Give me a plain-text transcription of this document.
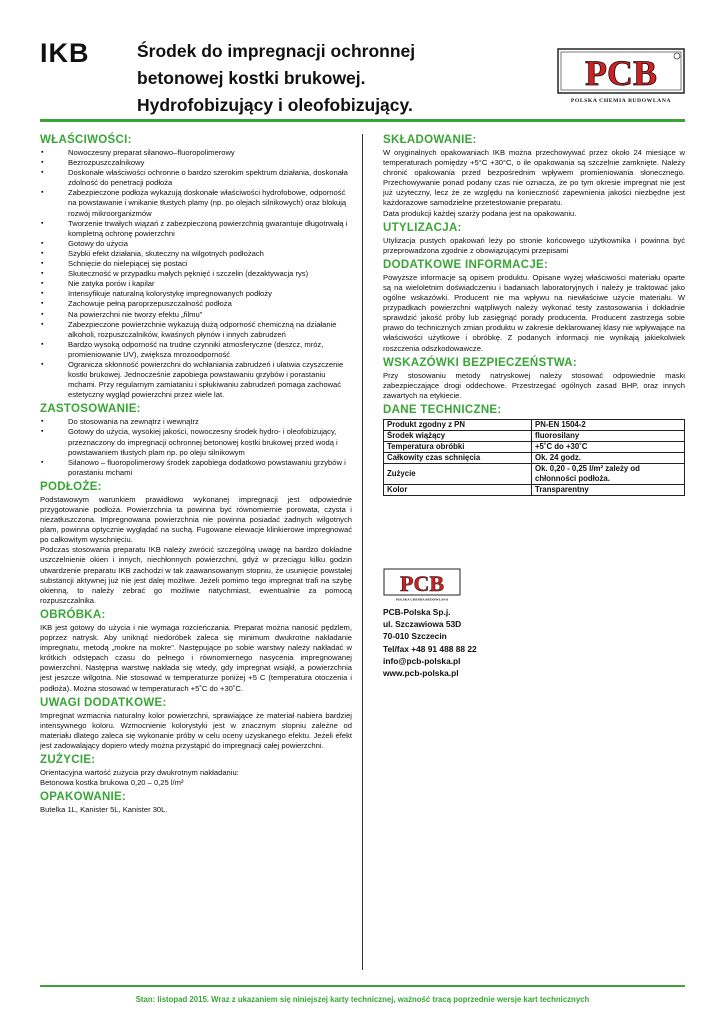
IKB	Środek do impregnacji ochronnej
betonowej kostki brukowej.
Hydrofobizujący i oleofobizujący.
PCB
POLSKA CHEMIA BUDOWLANA
WŁAŚCIWOŚCI:
▪ Nowoczesny preparat silanowo–fluoropolimerowy
▪ Bezrozpuszczalnikowy
▪ Doskonałe właściwości ochronne o bardzo szerokim spektrum działania, doskonała zdolność do penetracji podłoża
▪ Zabezpieczone podłoża wykazują doskonałe właściwości hydrofobowe, odporność na powstawanie i wnikanie tłustych plamy (np. po olejach silnikowych) oraz blokują rozwój mikroorganizmów
▪ Tworzenie trwałych wiązań z zabezpieczoną powierzchnią gwarantuje długotrwałą i kompletną ochronę powierzchni
▪ Gotowy do użycia
▪ Szybki efekt działania, skuteczny na wilgotnych podłożach
▪ Schnięcie do nielepiącej się postaci
▪ Skuteczność w przypadku małych pęknięć i szczelin (dezaktywacja rys)
▪ Nie zatyka porów i kapilar
▪ Intensyfikuje naturalną kolorystykę impregnowanych podłoży
▪ Zachowuje pełną paroprzepuszczalność podłoża
▪ Na powierzchni nie tworzy efektu „filmu”
▪ Zabezpieczone powierzchnie wykazują dużą odporność chemiczną na działanie alkoholi, rozpuszczalników, kwaśnych płynów i innych zabrudzeń
▪ Bardzo wysoką odporność na trudne czynniki atmosferyczne (deszcz, mróz, promieniowanie UV), zwiększa mrozoodporność
▪ Ogranicza skłonność powierzchni do wchłaniania zabrudzeń i ułatwia czyszczenie kostki brukowej. Jednocześnie zapobiega powstawaniu grzybów i porastaniu mchami. Przy regularnym zamiataniu i spłukiwaniu zabrudzeń pomaga zachować estetyczny wygląd powierzchni przez wiele lat.
ZASTOSOWANIE:
▪ Do stosowania na zewnątrz i wewnątrz
▪ Gotowy do użycia, wysokiej jakości, nowoczesny środek hydro- i oleofobizujący, przeznaczony do impregnacji ochronnej betonowej kostki brukowej przed wodą i powstawaniem tłustych plam np. po oleju silnikowym
▪ Silanowo – fluoropolimerowy środek zapobiega dodatkowo powstawaniu grzybów i porastaniu mchami
PODŁOŻE:

Podstawowym warunkiem prawidłowo wykonanej impregnacji jest odpowiednie przygotowanie podłoża. Powierzchnia ta powinna być równomiernie porowata, czysta i niezatłuszczona. Impregnowana powierzchnia nie powinna posiadać żadnych wilgotnych plam, powinna optycznie wyglądać na suchą. Fugowane elewacje klinkierowe impregnować po całkowitym wyschnięciu.

Podczas stosowania preparatu IKB należy zwrócić szczególną uwagę na bardzo dokładne uszczelnienie okien i innych, niechłonnych powierzchni, gdyż w przeciągu kilku godzin utwardzenie preparatu IKB zachodzi w tak zaawansowanym stopniu, że usunięcie powstałej substancji aktywnej już nie jest dalej możliwe. Jeżeli pomimo tego impregnat trafi na szybę okienną, to należy zebrać go możliwie natychmiast, ewentualnie za pomocą rozpuszczalnika.

OBRÓBKA:

IKB jest gotowy do użycia i nie wymaga rozcieńczania. Preparat można nanosić pędzlem, poprzez natrysk. Aby uniknąć niedoróbek zaleca się minimum dwukrotne nakładanie impregnatu, metodą „mokre na mokre”. Następujące po sobie warstwy należy nakładać w krótkich odstępach czasu do pełnego i równomiernego nasycenia impregnowanej powierzchni. Następna warstwę nakłada się wtedy, gdy impregnat wsiąkł, a powierzchnia jest jeszcze wilgotna. Nie stosować w temperaturze poniżej +5 C (temperatura otoczenia i podłoża). Można stosować w temperaturach +5˚C do +30˚C.

UWAGI DODATKOWE:

Impregnat wzmacnia naturalny kolor powierzchni, sprawiające że materiał nabiera bardziej intensywnego koloru. Wzmocnienie kolorystyki jest w znacznym stopniu zależne od materiału dlatego zaleca się wykonanie próby w celu oceny uzyskanego efektu. Jeżeli efekt jest zadowalający dopiero wtedy można przystąpić do impregnacji całej powierzchni.

ZUŻYCIE:

Orientacyjna wartość zużycia przy dwukrotnym nakładaniu:

Betonowa kostka brukowa 0,20 – 0,25 l/m²

OPAKOWANIE:

Butelka 1L, Kanister 5L, Kanister 30L.

SKŁADOWANIE:

W oryginalnych opakowaniach IKB można przechowywać przez około 24 miesiące w temperaturach pomiędzy +5°C +30°C, o ile opakowania są szczelnie zamknięte. Należy chronić opakowania przed bezpośrednim wpływem promieniowania słonecznego. Przechowywanie ponad podany czas nie oznacza, że po tym okresie impregnat nie jest już użyteczny, lecz że ze względu na konieczność zapewnienia jakości niezbędne jest każdorazowe samodzielne przetestowanie preparatu.

Data produkcji każdej szarży podana jest na opakowaniu.

UTYLIZACJA:

Utylizacja pustych opakowań leży po stronie końcowego użytkownika i powinna być przeprowadzona zgodnie z obowiązującymi przepisami

DODATKOWE INFORMACJE:

Powyższe informacje są opisem produktu. Opisane wyżej właściwości materiału oparte są na wieloletnim doświadczeniu i badaniach laboratoryjnych i należy je traktować jako ogólne wskazówki. Producent nie ma wpływu na niewłaściwe użycie materiału. W przypadkach powierzchni wątpliwych należy wykonać testy zastosowania i dokładnie sprawdzić jakość próby lub zasięgnąć porady producenta. Producent zastrzega sobie prawo do technicznych zmian produktu w zakresie deklarowanej klasy nie wpływające na właściwości użytkowe i obróbkę. Z podanych informacji nie wynikają jakiekolwiek roszczenia odszkodowawcze.

WSKAZÓWKI BEZPIECZEŃSTWA:

Przy stosowaniu metody natryskowej należy stosować odpowiednie maski zabezpieczające drogi oddechowe. Przestrzegać ogólnych zasad BHP, oraz innych zawartych na etykiecie.

DANE TECHNICZNE:
Produkt zgodny z PN	PN-EN 1504-2
Środek wiążący	fluorosilany
Temperatura obróbki	+5˚C do +30˚C
Całkowity czas schnięcia	Ok. 24 godz.
Zużycie	Ok. 0,20 - 0,25 l/m² zależy od chłonności podłoża.
Kolor	Transparentny
PCB
POLSKA CHEMIA BUDOWLANA
PCB-Polska Sp.j.
ul. Szczawiowa 53D
70-010 Szczecin
Tel/fax +48 91 488 88 22
info@pcb-polska.pl
www.pcb-polska.pl
Stan: listopad 2015. Wraz z ukazaniem się niniejszej karty technicznej, ważność tracą poprzednie wersje kart technicznych
